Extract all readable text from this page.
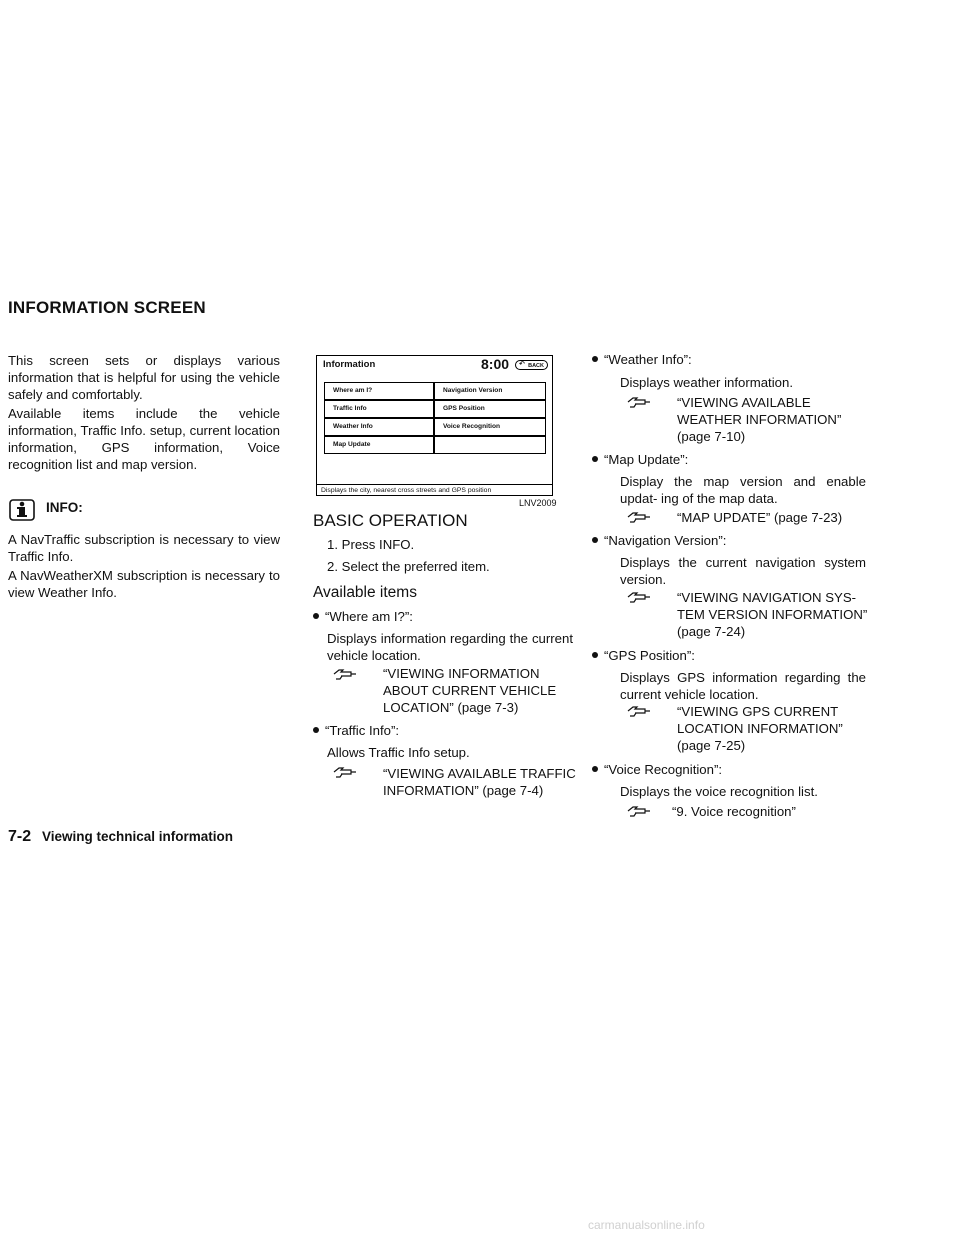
INFORMATION SCREEN

This screen sets or displays various information that is helpful for using the vehicle safely and comfortably.

Available items include the vehicle information, Traffic Info. setup, current location information, GPS information, Voice recognition list and map version.

INFO:

A NavTraffic subscription is necessary to view Traffic Info.

A NavWeatherXM subscription is necessary to view Weather Info.

Information	8:00 ↶ BACK
Where am I?	Navigation Version
Traffic Info	GPS Position
Weather Info	Voice Recognition
Map Update
Displays the city, nearest cross streets and GPS position
LNV2009
BASIC OPERATION
1. Press INFO.
2. Select the preferred item.
Available items
“Where am I?”:
Displays information regarding the current vehicle location.
“VIEWING INFORMATION
ABOUT CURRENT VEHICLE
LOCATION” (page 7-3)
“Traffic Info”:
Allows Traffic Info setup.
“VIEWING AVAILABLE TRAFFIC
INFORMATION” (page 7-4)
“Weather Info”:
Displays weather information.
“VIEWING AVAILABLE
WEATHER INFORMATION”
(page 7-10)
“Map Update”:
Display the map version and enable updat- ing of the map data.
“MAP UPDATE” (page 7-23)
“Navigation Version”:
Displays the current navigation system version.
“VIEWING NAVIGATION SYS-
TEM VERSION INFORMATION”
(page 7-24)
“GPS Position”:
Displays GPS information regarding the current vehicle location.
“VIEWING GPS CURRENT
LOCATION INFORMATION”
(page 7-25)
“Voice Recognition”:
Displays the voice recognition list.
“9. Voice recognition”
7-2 Viewing technical information
carmanualsonline.info
